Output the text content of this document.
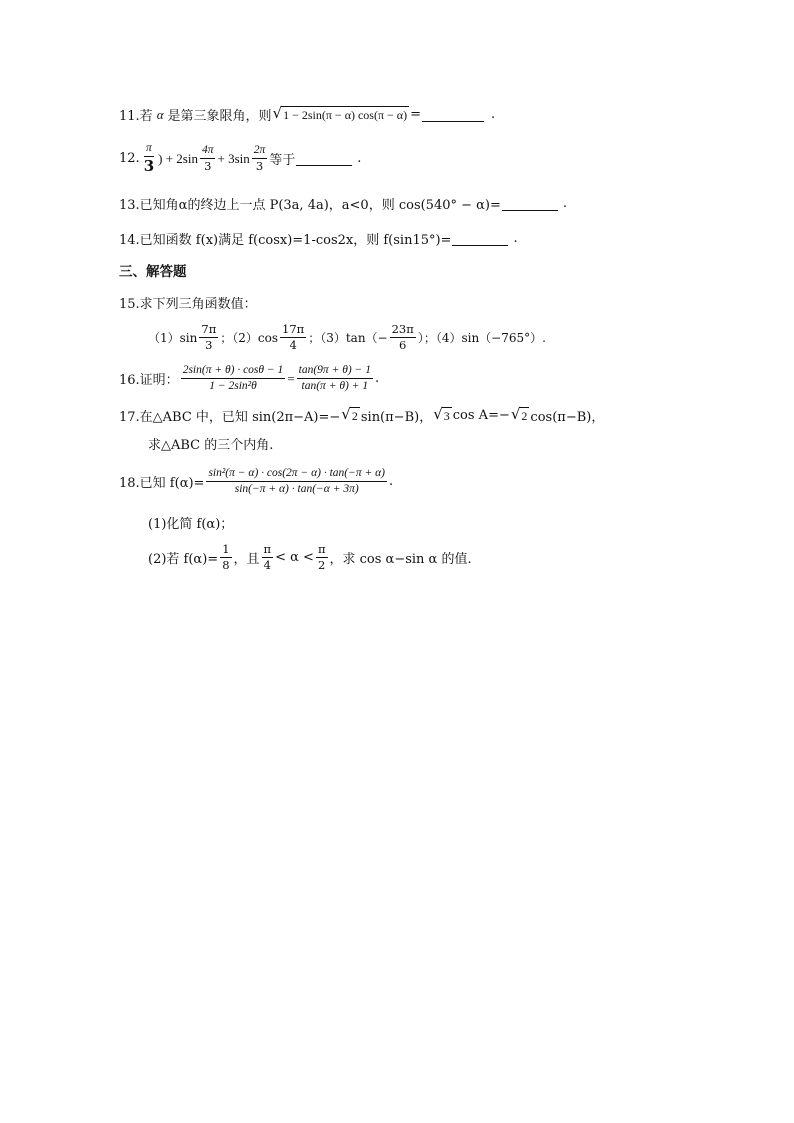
11.若 α 是第三象限角，则 √ 1 − 2sin(π − α) cos(π − α) =	.
12. $\frac{\pi}{3}$ ) + $2\sin \frac{4\pi}{3} + 3\sin \frac{2\pi}{3}$ 等于	.
13.已知角α的终边上一点 P(3a, 4a)，a<0，则 cos(540° − α)=	.
14.已知函数 f(x)满足 f(cosx)=1-cos2x，则 f(sin15°)=	.
三、解答题
15.求下列三角函数值：
$(1)\sin \frac{7\pi}{3}$ ；$(2)\cos \frac{17\pi}{4}$ ；$(3)\tan(- \frac{23\pi}{6}$ ）；（4）sin（−765°）.
16.证明： $\frac{2\sin(\pi + \theta) \cdot \cos\theta - 1}{\text{1 − 2sin²θ}} = \frac{\tan(9\pi + \theta) - 1}{\tan(\pi + \theta) + 1}$ .
17.在△ABC 中，已知 sin(2π−A)=− √ 2 sin(π−B)， √ 3 cos A=− √ 2 cos(π−B)，
求△ABC 的三个内角.
18.已知 $f(\alpha)= \frac{\text{sin²(π − α) · cos(2π − α) · tan(−π + α)}}{\sin(-\pi + \alpha) \cdot \tan(-\alpha + 3\pi)}$ .
(1)化简 f(α)；
(2)若 $f(\alpha)= \frac{1}{8}$ ，且 $\frac{\pi}{4} < \alpha < \frac{\pi}{2}$ ，求 cos α−sin α 的值.
